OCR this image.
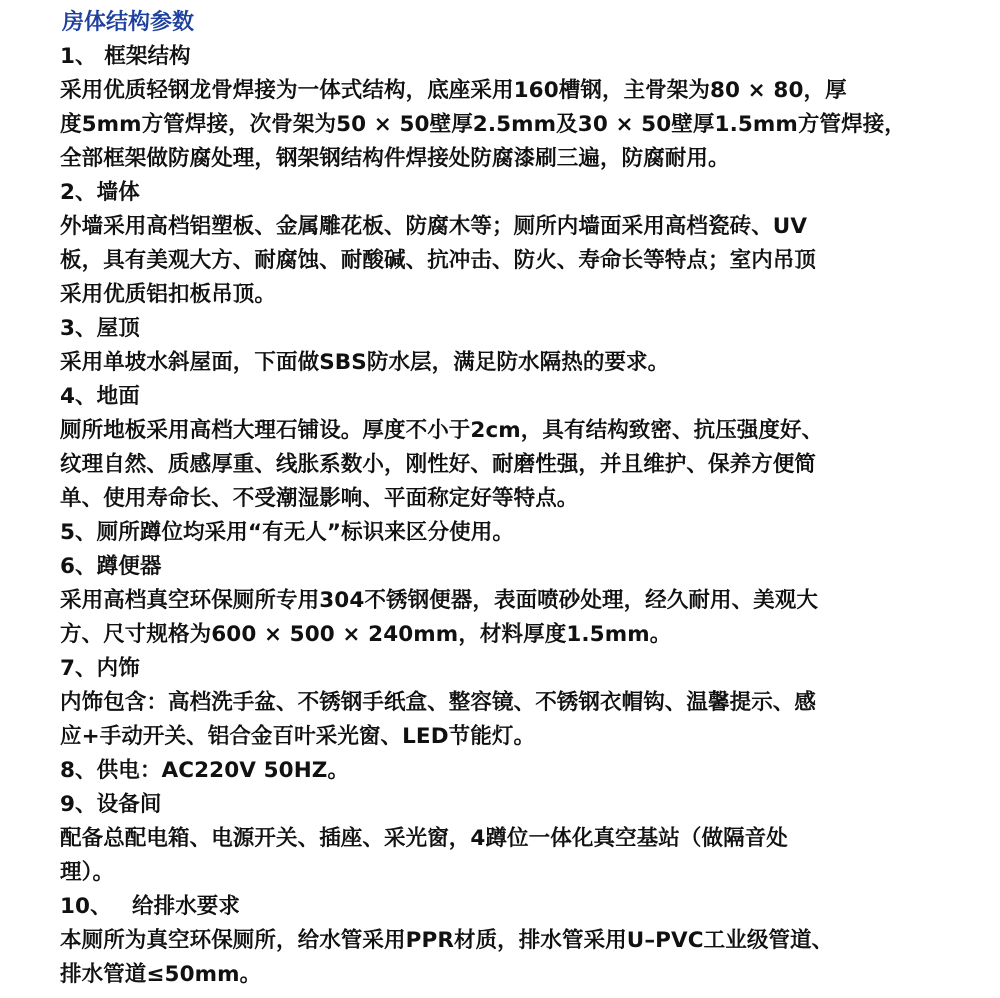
房体结构参数
1、 框架结构
采用优质轻钢龙骨焊接为一体式结构，底座采用160槽钢，主骨架为80 × 80，厚
度5mm方管焊接，次骨架为50 × 50壁厚2.5mm及30 × 50壁厚1.5mm方管焊接，
全部框架做防腐处理，钢架钢结构件焊接处防腐漆刷三遍，防腐耐用。
2、墙体
外墙采用高档铝塑板、金属雕花板、防腐木等；厕所内墙面采用高档瓷砖、UV
板，具有美观大方、耐腐蚀、耐酸碱、抗冲击、防火、寿命长等特点；室内吊顶
采用优质铝扣板吊顶。
3、屋顶
采用单坡水斜屋面，下面做SBS防水层，满足防水隔热的要求。
4、地面
厕所地板采用高档大理石铺设。厚度不小于2cm，具有结构致密、抗压强度好、
纹理自然、质感厚重、线胀系数小，刚性好、耐磨性强，并且维护、保养方便简
单、使用寿命长、不受潮湿影响、平面称定好等特点。
5、厕所蹲位均采用“有无人”标识来区分使用。
6、蹲便器
采用高档真空环保厕所专用304不锈钢便器，表面喷砂处理，经久耐用、美观大
方、尺寸规格为600 × 500 × 240mm，材料厚度1.5mm。
7、内饰
内饰包含：高档洗手盆、不锈钢手纸盒、整容镜、不锈钢衣帽钩、温馨提示、感
应+手动开关、铝合金百叶采光窗、LED节能灯。
8、供电：AC220V 50HZ。
9、设备间
配备总配电箱、电源开关、插座、采光窗，4蹲位一体化真空基站（做隔音处
理）。
10、 给排水要求
本厕所为真空环保厕所，给水管采用PPR材质，排水管采用U–PVC工业级管道、
排水管道≤50mm。
